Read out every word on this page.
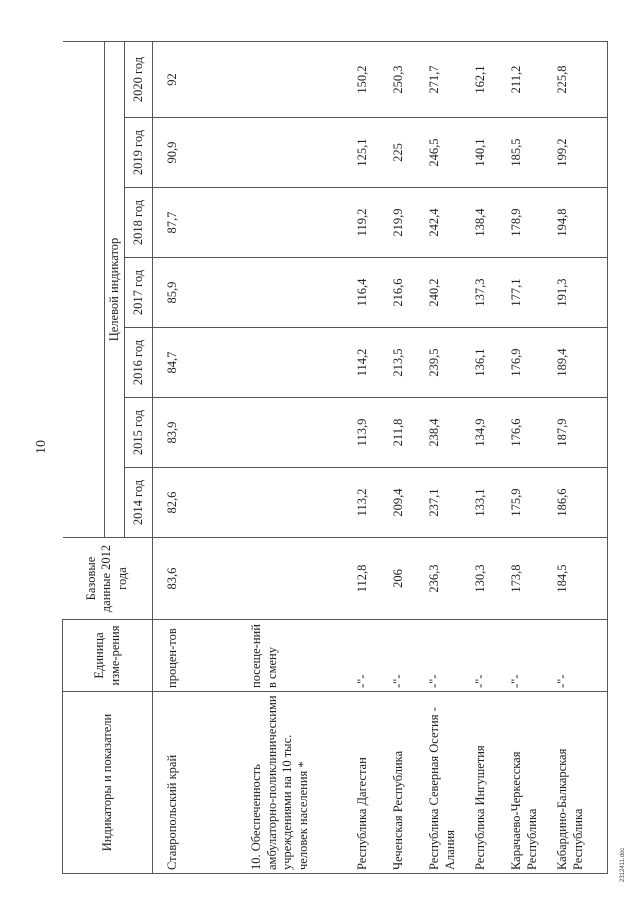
10
Индикаторы и показатели	Единица изме-рения	Базовые данные 2012 года							
			Целевой индикатор						
			2014 год	2015 год	2016 год	2017 год	2018 год	2019 год	2020 год

Ставропольский край	процен-тов	83,6	82,6	83,9	84,7	85,9	87,7	90,9	92
10. Обеспеченность амбулаторно-поликлиническими учреждениями на 10 тыс. человек населения *	посеще-ний в смену								
Республика Дагестан	-"-	112,8	113,2	113,9	114,2	116,4	119,2	125,1	150,2
Чеченская Республика	-"-	206	209,4	211,8	213,5	216,6	219,9	225	250,3
Республика Северная Осетия - Алания	-"-	236,3	237,1	238,4	239,5	240,2	242,4	246,5	271,7
Республика Ингушетия	-"-	130,3	133,1	134,9	136,1	137,3	138,4	140,1	162,1
Карачаево-Черкесская Республика	-"-	173,8	175,9	176,6	176,9	177,1	178,9	185,5	211,2
Кабардино-Балкарская Республика	-"-	184,5	186,6	187,9	189,4	191,3	194,8	199,2	225,8
2312411.doc
